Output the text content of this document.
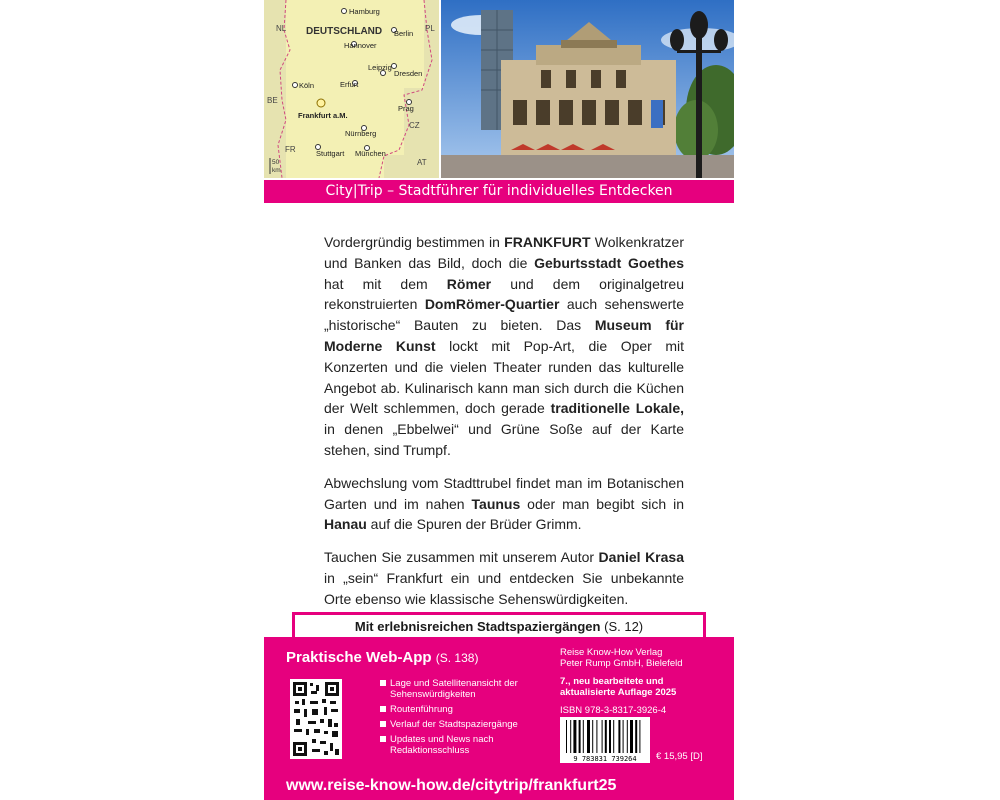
Hamburg
Berlin
Hannover
Leipzig
Dresden
Köln	Erfurt
Frankfurt a.M.
Prag
Nürnberg
Stuttgart München
NL	PL
BE
CZ
FR
AT
DEUTSCHLAND
50
km
City|Trip – Stadtführer für individuelles Entdecken

Vordergründig bestimmen in FRANKFURT Wolkenkratzer und Banken das Bild, doch die Geburtsstadt Goethes hat mit dem Römer und dem originalgetreu rekonstruierten DomRömer-Quartier auch sehenswerte „historische“ Bauten zu bieten. Das Museum für Moderne Kunst lockt mit Pop-Art, die Oper mit Konzerten und die vielen Theater runden das kulturelle Angebot ab. Kulinarisch kann man sich durch die Küchen der Welt schlemmen, doch gerade traditionelle Lokale, in denen „Ebbelwei“ und Grüne Soße auf der Karte stehen, sind Trumpf.

Abwechslung vom Stadttrubel findet man im Botanischen Garten und im nahen Taunus oder man begibt sich in Hanau auf die Spuren der Brüder Grimm.

Tauchen Sie zusammen mit unserem Autor Daniel Krasa in „sein“ Frankfurt ein und entdecken Sie unbekannte Orte ebenso wie klassische Sehenswürdigkeiten.

Mit erlebnisreichen Stadtspaziergängen (S. 12)
Praktische Web-App (S. 138)
Lage und Satellitenansicht der Sehenswürdigkeiten
Routenführung
Verlauf der Stadtspaziergänge
Updates und News nach Redaktionsschluss
Reise Know-How Verlag
Peter Rump GmbH, Bielefeld
7., neu bearbeitete und
aktualisierte Auflage 2025
ISBN 978-3-8317-3926-4
9 783831 739264 € 15,95 [D]
www.reise-know-how.de/citytrip/frankfurt25
